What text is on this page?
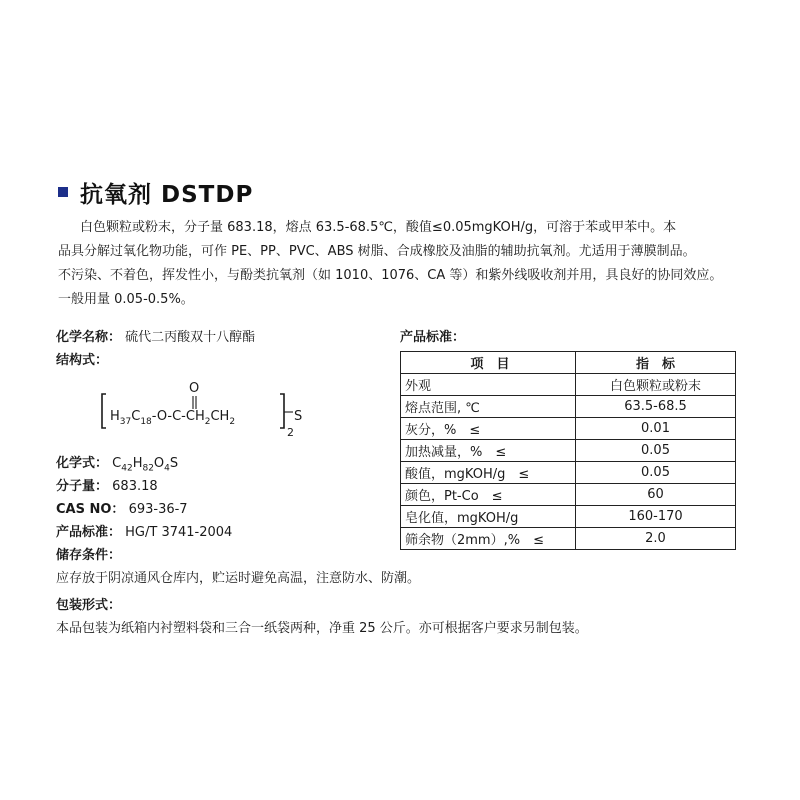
抗氧剂 DSTDP

白色颗粒或粉末，分子量 683.18，熔点 63.5-68.5℃，酸值≤0.05mgKOH/g，可溶于苯或甲苯中。本

品具分解过氧化物功能，可作 PE、PP、PVC、ABS 树脂、合成橡胶及油脂的辅助抗氧剂。尤适用于薄膜制品。

不污染、不着色，挥发性小，与酚类抗氧剂（如 1010、1076、CA 等）和紫外线吸收剂并用，具良好的协同效应。

一般用量 0.05-0.5%。

化学名称： 硫代二丙酸双十八醇酯
结构式：
O
$H_{37}C_{18}-O-C-CH_2CH_2$
2
S
化学式： $C_{42}H_{82}O_4S$
分子量： 683.18
CAS NO： 693-36-7
产品标准： HG/T 3741-2004
产品标准：
项　目	指　标
外观	白色颗粒或粉末
熔点范围, ℃	63.5-68.5
灰分，%　≤	0.01
加热减量，%　≤	0.05
酸值，mgKOH/g　≤	0.05
颜色，Pt-Co　≤	60
皂化值，mgKOH/g	160-170
筛余物（2mm）,%　≤	2.0
储存条件：
应存放于阴凉通风仓库内，贮运时避免高温，注意防水、防潮。
包装形式：
本品包装为纸箱内衬塑料袋和三合一纸袋两种，净重 25 公斤。亦可根据客户要求另制包装。
